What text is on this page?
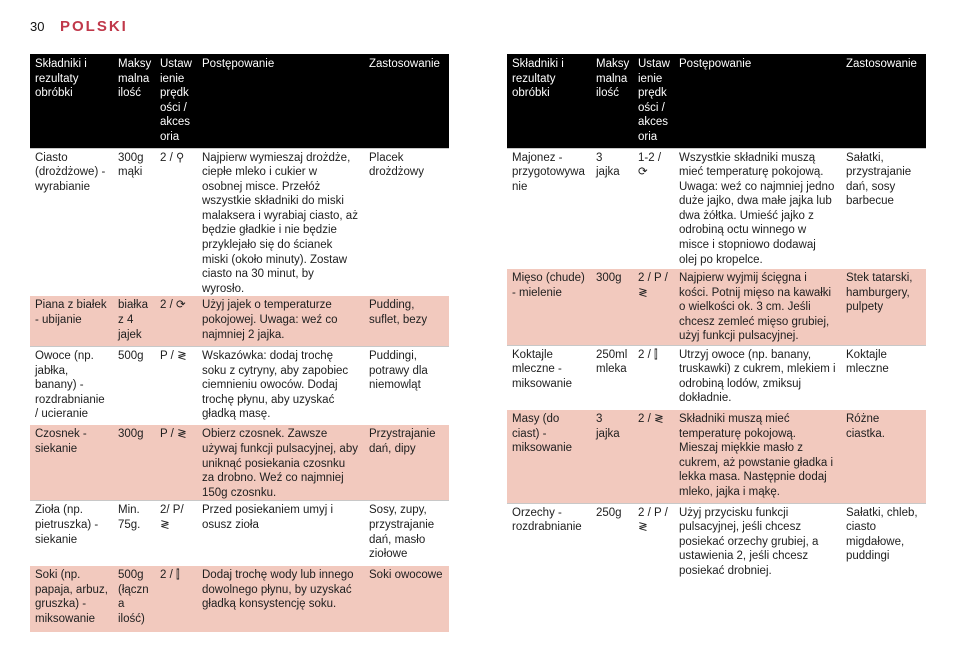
30	POLSKI
Składniki i rezultaty obróbki	Maksy malna ilość	Ustaw ienie prędk ości / akces oria	Postępowanie	Zastosowanie
Ciasto (drożdżowe) - wyrabianie	300g mąki	2 / ⚲	Najpierw wymieszaj drożdże, ciepłe mleko i cukier w osobnej misce. Przełóż wszystkie składniki do miski malaksera i wyrabiaj ciasto, aż będzie gładkie i nie będzie przyklejało się do ścianek miski (około minuty). Zostaw ciasto na 30 minut, by wyrosło.	Placek drożdżowy
Piana z białek - ubijanie	białka z 4 jajek	2 / ⟳	Użyj jajek o temperaturze pokojowej. Uwaga: weź co najmniej 2 jajka.	Pudding, suflet, bezy
Owoce (np. jabłka, banany) - rozdrabnianie / ucieranie	500g	P / ≷	Wskazówka: dodaj trochę soku z cytryny, aby zapobiec ciemnieniu owoców. Dodaj trochę płynu, aby uzyskać gładką masę.	Puddingi, potrawy dla niemowląt
Czosnek - siekanie	300g	P / ≷	Obierz czosnek. Zawsze używaj funkcji pulsacyjnej, aby uniknąć posiekania czosnku za drobno. Weź co najmniej 150g czosnku.	Przystrajanie dań, dipy
Zioła (np. pietruszka) - siekanie	Min. 75g.	2/ P/ ≷	Przed posiekaniem umyj i osusz zioła	Sosy, zupy, przystrajanie dań, masło ziołowe
Soki (np. papaja, arbuz, gruszka) - miksowanie	500g (łączn a ilość)	2 / ⫿	Dodaj trochę wody lub innego dowolnego płynu, by uzyskać gładką konsystencję soku.	Soki owocowe
Składniki i rezultaty obróbki	Maksy malna ilość	Ustaw ienie prędk ości / akces oria	Postępowanie	Zastosowanie
Majonez - przygotowywa nie	3 jajka	1-2 / ⟳	Wszystkie składniki muszą mieć temperaturę pokojową. Uwaga: weź co najmniej jedno duże jajko, dwa małe jajka lub dwa żółtka. Umieść jajko z odrobiną octu winnego w misce i stopniowo dodawaj olej po kropelce.	Sałatki, przystrajanie dań, sosy barbecue
Mięso (chude) - mielenie	300g	2 / P / ≷	Najpierw wyjmij ścięgna i kości. Potnij mięso na kawałki o wielkości ok. 3 cm. Jeśli chcesz zemleć mięso grubiej, użyj funkcji pulsacyjnej.	Stek tatarski, hamburgery, pulpety
Koktajle mleczne - miksowanie	250ml mleka	2 / ⫿	Utrzyj owoce (np. banany, truskawki) z cukrem, mlekiem i odrobiną lodów, zmiksuj dokładnie.	Koktajle mleczne
Masy (do ciast) - miksowanie	3 jajka	2 / ≷	Składniki muszą mieć temperaturę pokojową. Mieszaj miękkie masło z cukrem, aż powstanie gładka i lekka masa. Następnie dodaj mleko, jajka i mąkę.	Różne ciastka.
Orzechy - rozdrabnianie	250g	2 / P / ≷	Użyj przycisku funkcji pulsacyjnej, jeśli chcesz posiekać orzechy grubiej, a ustawienia 2, jeśli chcesz posiekać drobniej.	Sałatki, chleb, ciasto migdałowe, puddingi
